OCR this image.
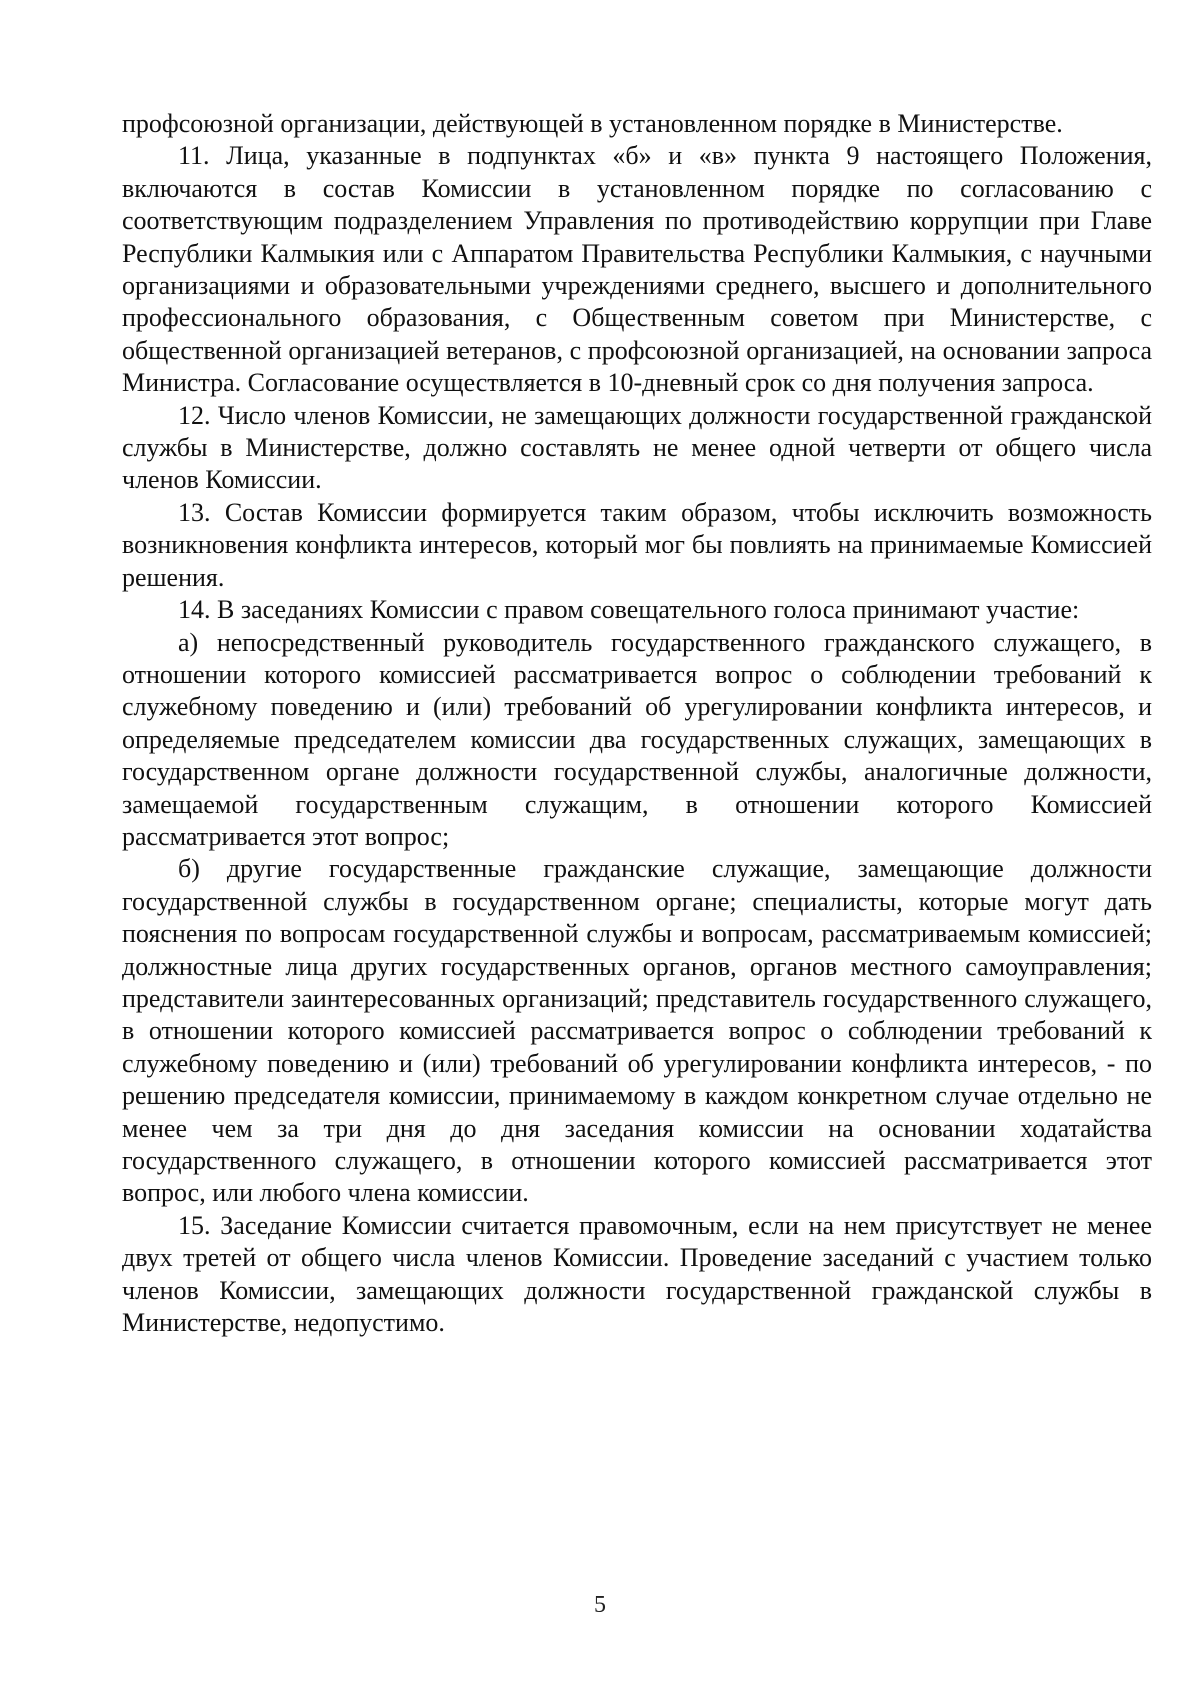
профсоюзной организации, действующей в установленном порядке в Министерстве.

11. Лица, указанные в подпунктах «б» и «в» пункта 9 настоящего Положения, включаются в состав Комиссии в установленном порядке по согласованию с соответствующим подразделением Управления по противодействию коррупции при Главе Республики Калмыкия или с Аппаратом Правительства Республики Калмыкия, с научными организациями и образовательными учреждениями среднего, высшего и дополнительного профессионального образования, с Общественным советом при Министерстве, с общественной организацией ветеранов, с профсоюзной организацией, на основании запроса Министра. Согласование осуществляется в 10-дневный срок со дня получения запроса.

12. Число членов Комиссии, не замещающих должности государственной гражданской службы в Министерстве, должно составлять не менее одной четверти от общего числа членов Комиссии.

13. Состав Комиссии формируется таким образом, чтобы исключить возможность возникновения конфликта интересов, который мог бы повлиять на принимаемые Комиссией решения.

14. В заседаниях Комиссии с правом совещательного голоса принимают участие:

а) непосредственный руководитель государственного гражданского служащего, в отношении которого комиссией рассматривается вопрос о соблюдении требований к служебному поведению и (или) требований об урегулировании конфликта интересов, и определяемые председателем комиссии два государственных служащих, замещающих в государственном органе должности государственной службы, аналогичные должности, замещаемой государственным служащим, в отношении которого Комиссией рассматривается этот вопрос;

б) другие государственные гражданские служащие, замещающие должности государственной службы в государственном органе; специалисты, которые могут дать пояснения по вопросам государственной службы и вопросам, рассматриваемым комиссией; должностные лица других государственных органов, органов местного самоуправления; представители заинтересованных организаций; представитель государственного служащего, в отношении которого комиссией рассматривается вопрос о соблюдении требований к служебному поведению и (или) требований об урегулировании конфликта интересов, - по решению председателя комиссии, принимаемому в каждом конкретном случае отдельно не менее чем за три дня до дня заседания комиссии на основании ходатайства государственного служащего, в отношении которого комиссией рассматривается этот вопрос, или любого члена комиссии.

15. Заседание Комиссии считается правомочным, если на нем присутствует не менее двух третей от общего числа членов Комиссии. Проведение заседаний с участием только членов Комиссии, замещающих должности государственной гражданской службы в Министерстве, недопустимо.

5
